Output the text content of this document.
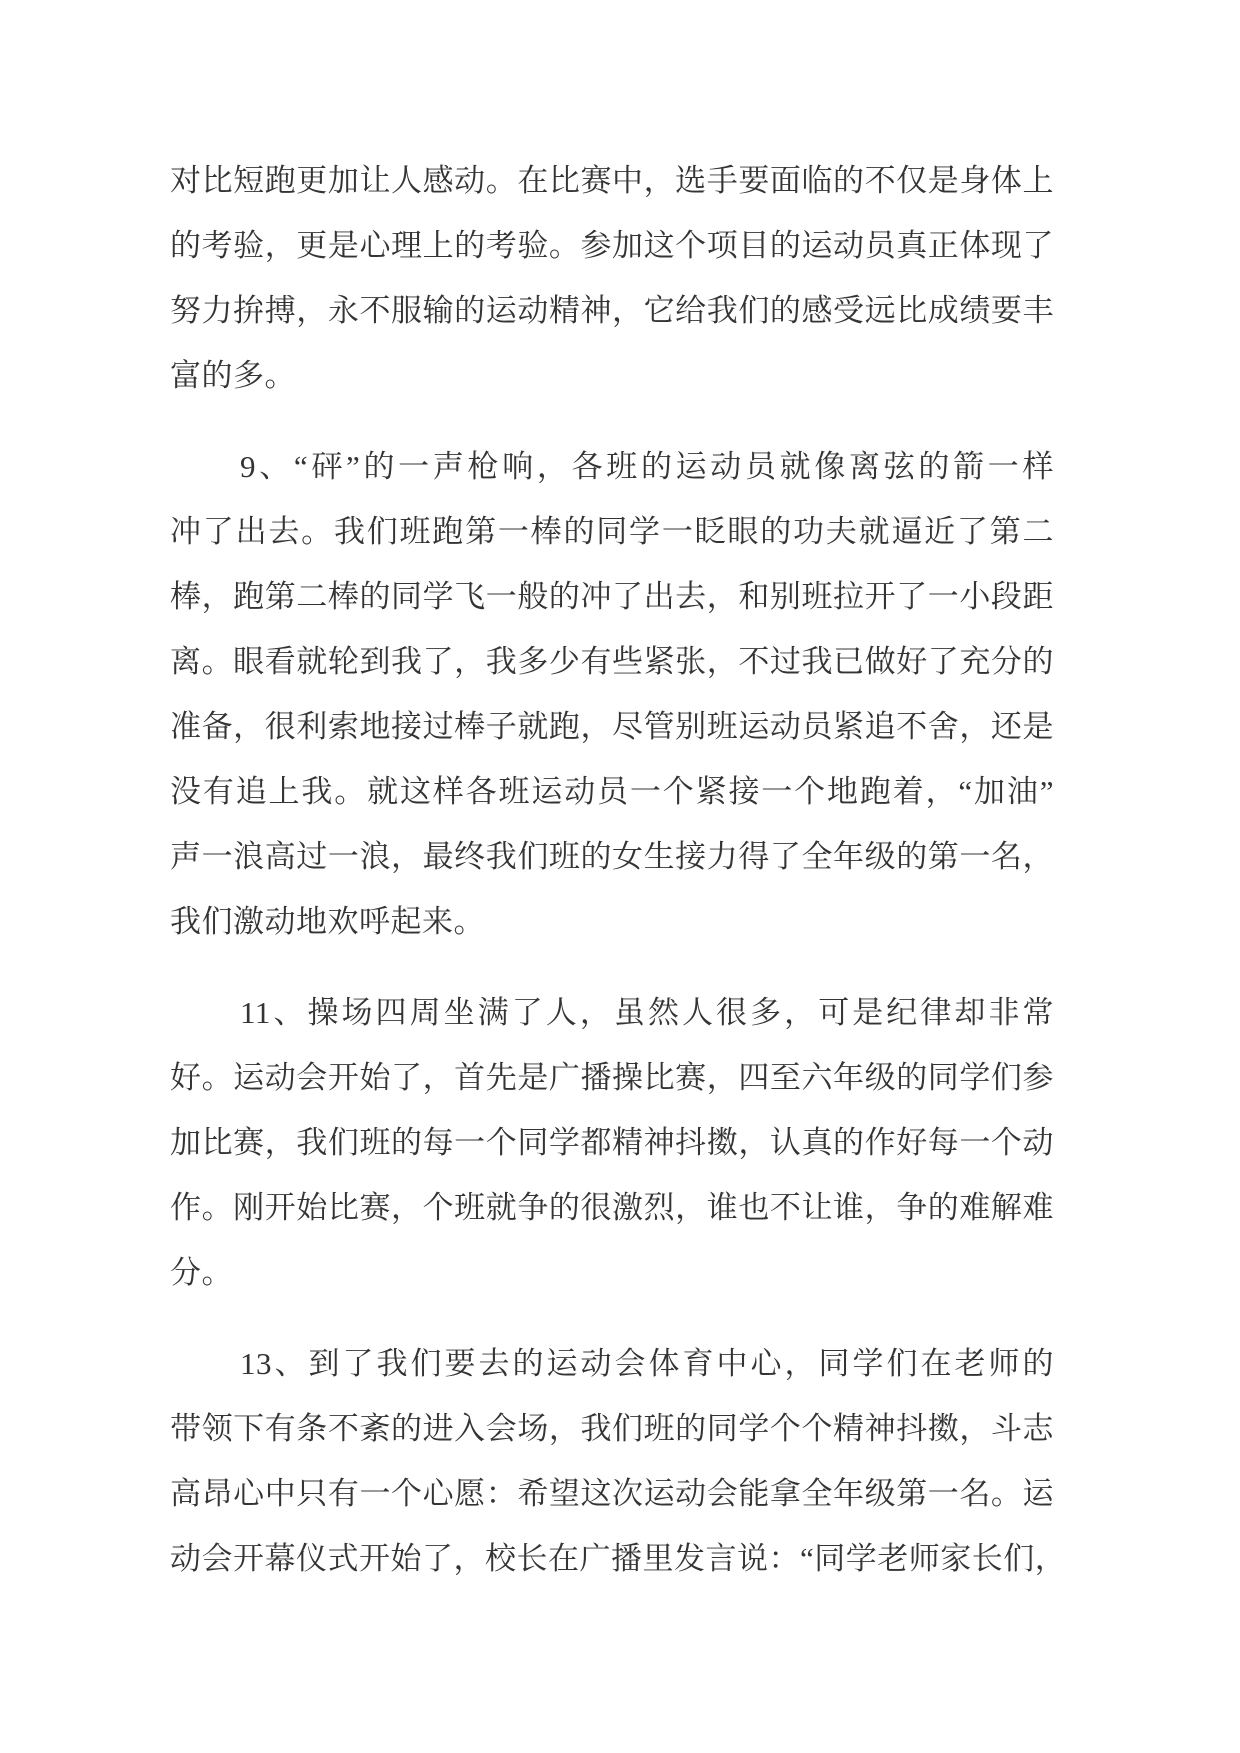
对比短跑更加让人感动。在比赛中，选手要面临的不仅是身体上
的考验，更是心理上的考验。参加这个项目的运动员真正体现了
努力拚搏，永不服输的运动精神，它给我们的感受远比成绩要丰
富的多。
9、“砰”的一声枪响，各班的运动员就像离弦的箭一样
冲了出去。我们班跑第一棒的同学一眨眼的功夫就逼近了第二
棒，跑第二棒的同学飞一般的冲了出去，和别班拉开了一小段距
离。眼看就轮到我了，我多少有些紧张，不过我已做好了充分的
准备，很利索地接过棒子就跑，尽管别班运动员紧追不舍，还是
没有追上我。就这样各班运动员一个紧接一个地跑着，“加油”
声一浪高过一浪，最终我们班的女生接力得了全年级的第一名，
我们激动地欢呼起来。
11、操场四周坐满了人，虽然人很多，可是纪律却非常
好。运动会开始了，首先是广播操比赛，四至六年级的同学们参
加比赛，我们班的每一个同学都精神抖擞，认真的作好每一个动
作。刚开始比赛，个班就争的很激烈，谁也不让谁，争的难解难
分。
13、到了我们要去的运动会体育中心，同学们在老师的
带领下有条不紊的进入会场，我们班的同学个个精神抖擞，斗志
高昂心中只有一个心愿：希望这次运动会能拿全年级第一名。运
动会开幕仪式开始了，校长在广播里发言说：“同学老师家长们，
